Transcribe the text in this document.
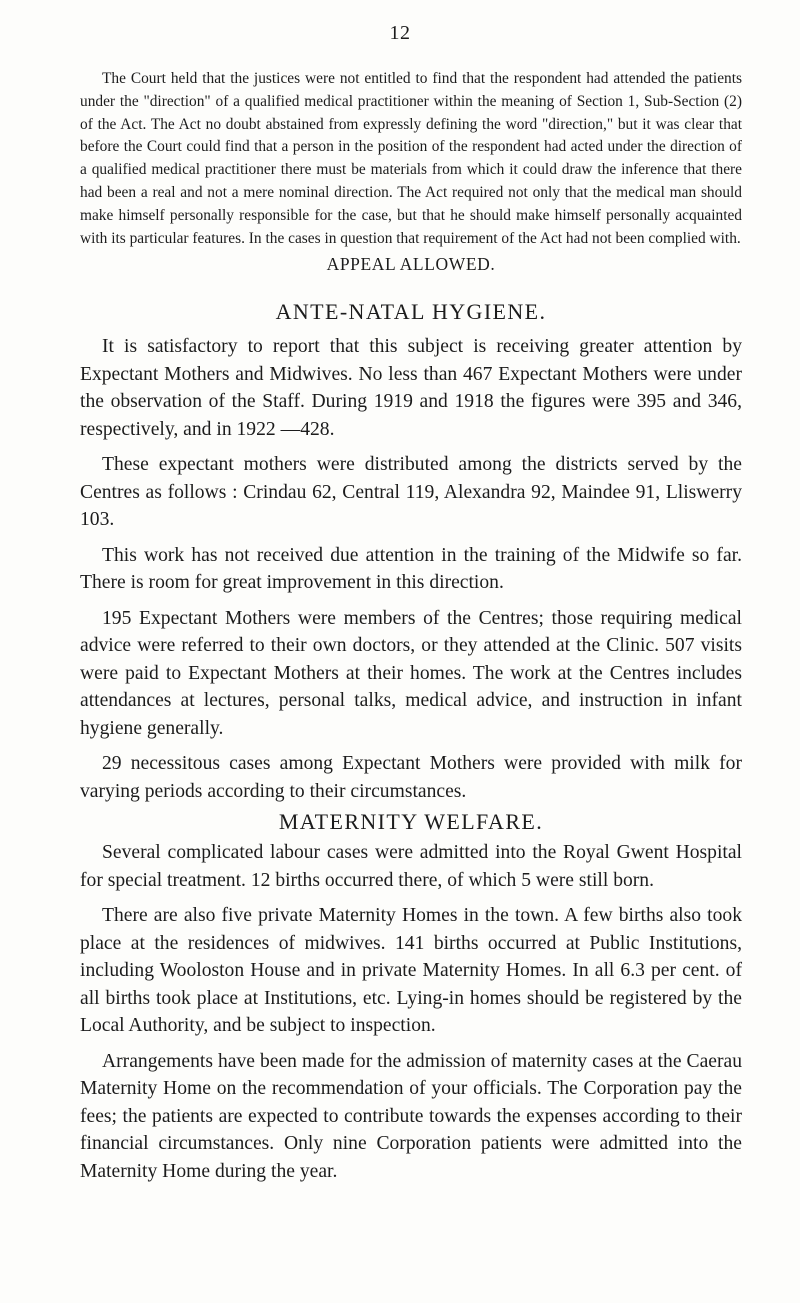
12

The Court held that the justices were not entitled to find that the respondent had attended the patients under the "direction" of a qualified medical practitioner within the meaning of Section 1, Sub-Section (2) of the Act. The Act no doubt abstained from expressly defining the word "direction," but it was clear that before the Court could find that a person in the position of the respondent had acted under the direction of a qualified medical practitioner there must be materials from which it could draw the inference that there had been a real and not a mere nominal direction. The Act required not only that the medical man should make himself personally responsible for the case, but that he should make himself personally acquainted with its particular features. In the cases in question that requirement of the Act had not been complied with.

APPEAL ALLOWED.
ANTE-NATAL HYGIENE.

It is satisfactory to report that this subject is receiving greater attention by Expectant Mothers and Midwives. No less than 467 Expectant Mothers were under the observation of the Staff. During 1919 and 1918 the figures were 395 and 346, respectively, and in 1922 —428.

These expectant mothers were distributed among the districts served by the Centres as follows : Crindau 62, Central 119, Alexandra 92, Maindee 91, Lliswerry 103.

This work has not received due attention in the training of the Midwife so far. There is room for great improvement in this direction.

195 Expectant Mothers were members of the Centres; those requiring medical advice were referred to their own doctors, or they attended at the Clinic. 507 visits were paid to Expectant Mothers at their homes. The work at the Centres includes attendances at lectures, personal talks, medical advice, and instruction in infant hygiene generally.

29 necessitous cases among Expectant Mothers were provided with milk for varying periods according to their circumstances.

MATERNITY WELFARE.

Several complicated labour cases were admitted into the Royal Gwent Hospital for special treatment. 12 births occurred there, of which 5 were still born.

There are also five private Maternity Homes in the town. A few births also took place at the residences of midwives. 141 births occurred at Public Institutions, including Wooloston House and in private Maternity Homes. In all 6.3 per cent. of all births took place at Institutions, etc. Lying-in homes should be registered by the Local Authority, and be subject to inspection.

Arrangements have been made for the admission of maternity cases at the Caerau Maternity Home on the recommendation of your officials. The Corporation pay the fees; the patients are expected to contribute towards the expenses according to their financial circumstances. Only nine Corporation patients were admitted into the Maternity Home during the year.
